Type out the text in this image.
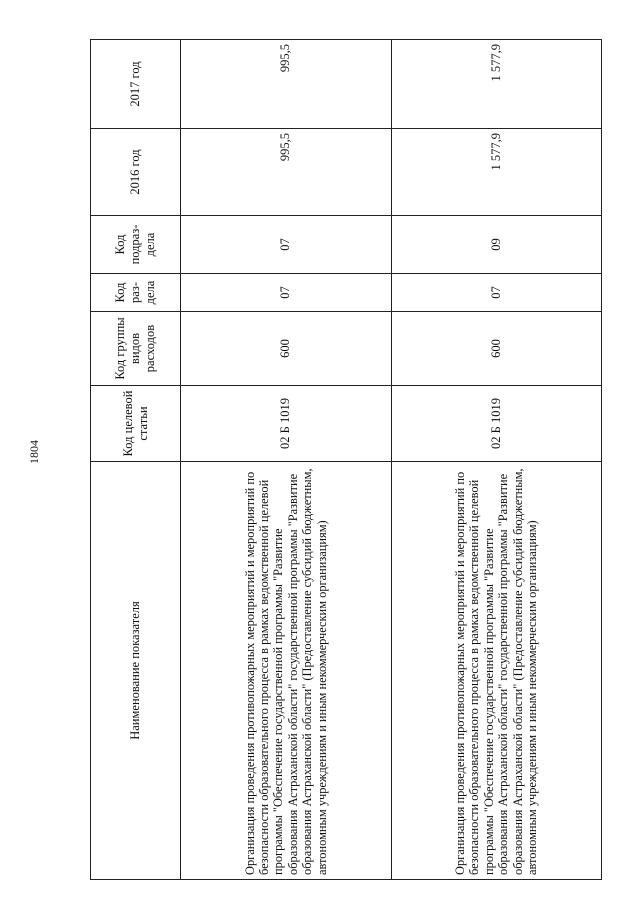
1804
Наименование показателя	Код целевой статьи	Код группы видов расходов	Код раз-дела	Код подраз-дела	2016 год	2017 год
Организация проведения противопожарных мероприятий и мероприятий по безопасности образовательного процесса в рамках ведомственной целевой программы "Обеспечение государственной программы "Развитие образования Астраханской области" государственной программы "Развитие образования Астраханской области" (Предоставление субсидий бюджетным, автономным учреждениям и иным некоммерческим организациям)	02 Б 1019	600	07	07	995,5	995,5
Организация проведения противопожарных мероприятий и мероприятий по безопасности образовательного процесса в рамках ведомственной целевой программы "Обеспечение государственной программы "Развитие образования Астраханской области" государственной программы "Развитие образования Астраханской области" (Предоставление субсидий бюджетным, автономным учреждениям и иным некоммерческим организациям)	02 Б 1019	600	07	09	1 577,9	1 577,9
